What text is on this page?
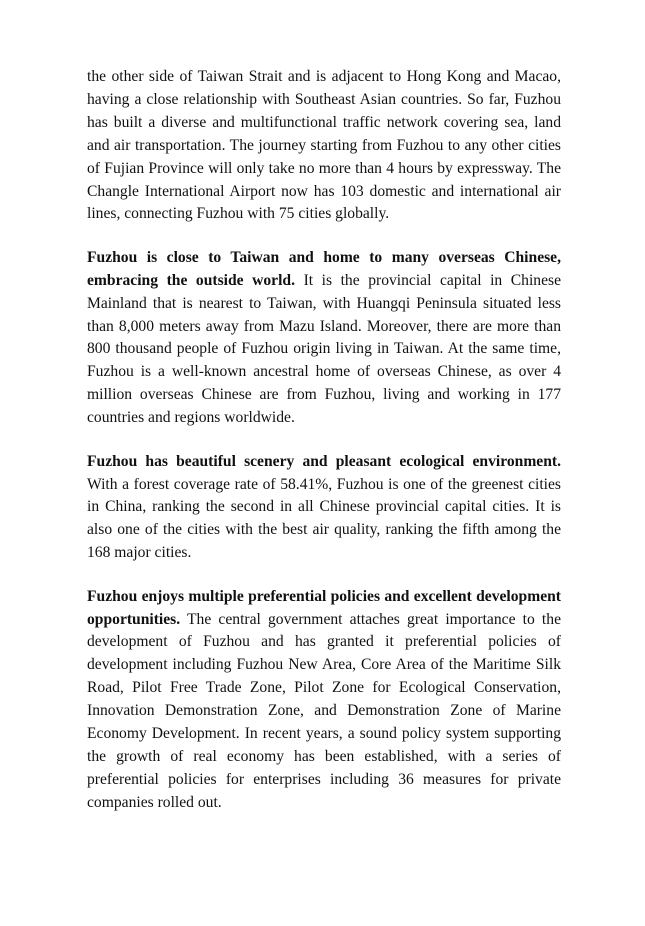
the other side of Taiwan Strait and is adjacent to Hong Kong and Macao, having a close relationship with Southeast Asian countries. So far, Fuzhou has built a diverse and multifunctional traffic network covering sea, land and air transportation. The journey starting from Fuzhou to any other cities of Fujian Province will only take no more than 4 hours by expressway. The Changle International Airport now has 103 domestic and international air lines, connecting Fuzhou with 75 cities globally.

Fuzhou is close to Taiwan and home to many overseas Chinese, embracing the outside world. It is the provincial capital in Chinese Mainland that is nearest to Taiwan, with Huangqi Peninsula situated less than 8,000 meters away from Mazu Island. Moreover, there are more than 800 thousand people of Fuzhou origin living in Taiwan. At the same time, Fuzhou is a well-known ancestral home of overseas Chinese, as over 4 million overseas Chinese are from Fuzhou, living and working in 177 countries and regions worldwide.

Fuzhou has beautiful scenery and pleasant ecological environment. With a forest coverage rate of 58.41%, Fuzhou is one of the greenest cities in China, ranking the second in all Chinese provincial capital cities. It is also one of the cities with the best air quality, ranking the fifth among the 168 major cities.

Fuzhou enjoys multiple preferential policies and excellent development opportunities. The central government attaches great importance to the development of Fuzhou and has granted it preferential policies of development including Fuzhou New Area, Core Area of the Maritime Silk Road, Pilot Free Trade Zone, Pilot Zone for Ecological Conservation, Innovation Demonstration Zone, and Demonstration Zone of Marine Economy Development. In recent years, a sound policy system supporting the growth of real economy has been established, with a series of preferential policies for enterprises including 36 measures for private companies rolled out.
